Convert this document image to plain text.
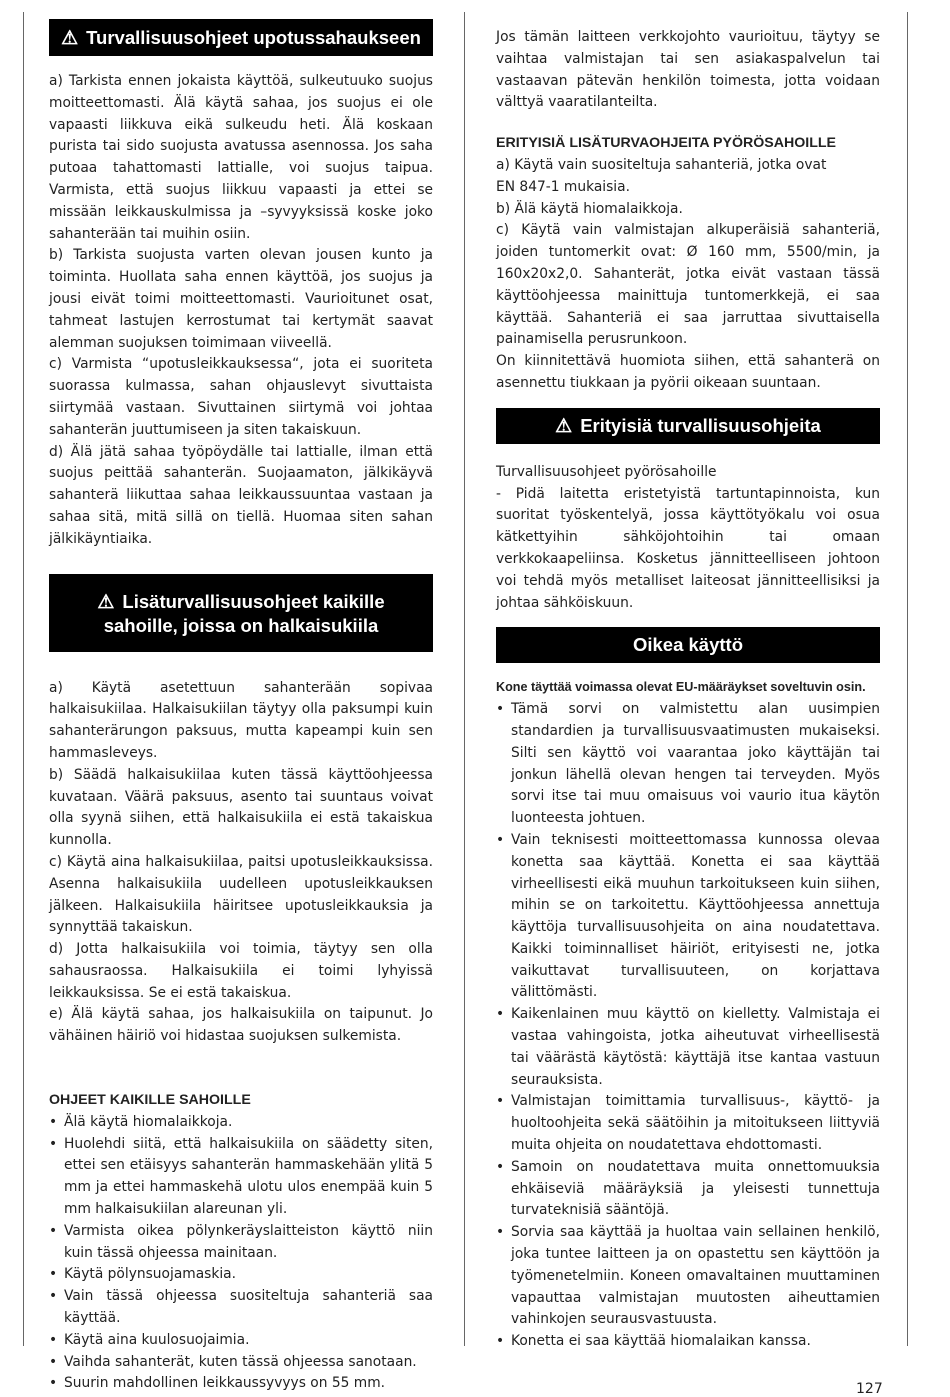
⚠ Turvallisuusohjeet upotussahaukseen

a) Tarkista ennen jokaista käyttöä, sulkeutuuko suojus moitteettomasti. Älä käytä sahaa, jos suojus ei ole vapaasti liikkuva eikä sulkeudu heti. Älä koskaan purista tai sido suojusta avatussa asennossa. Jos saha putoaa tahattomasti lattialle, voi suojus taipua. Varmista, että suojus liikkuu vapaasti ja ettei se missään leikkauskulmissa ja –syvyyksissä koske joko sahanterään tai muihin osiin.

b) Tarkista suojusta varten olevan jousen kunto ja toiminta. Huollata saha ennen käyttöä, jos suojus ja jousi eivät toimi moitteettomasti. Vaurioitunet osat, tahmeat lastujen kerrostumat tai kertymät saavat alemman suojuksen toimimaan viiveellä.

c) Varmista “upotusleikkauksessa“, jota ei suoriteta suorassa kulmassa, sahan ohjauslevyt sivuttaista siirtymää vastaan. Sivuttainen siirtymä voi johtaa sahanterän juuttumiseen ja siten takaiskuun.

d) Älä jätä sahaa työpöydälle tai lattialle, ilman että suojus peittää sahanterän. Suojaamaton, jälkikäyvä sahanterä liikuttaa sahaa leikkaussuuntaa vastaan ja sahaa sitä, mitä sillä on tiellä. Huomaa siten sahan jälkikäyntiaika.

⚠ Lisäturvallisuusohjeet kaikille
sahoille, joissa on halkaisukiila

a) Käytä asetettuun sahanterään sopivaa halkaisukiilaa. Halkaisukiilan täytyy olla paksumpi kuin sahanterärungon paksuus, mutta kapeampi kuin sen hammasleveys.

b) Säädä halkaisukiilaa kuten tässä käyttöohjeessa kuvataan. Väärä paksuus, asento tai suuntaus voivat olla syynä siihen, että halkaisukiila ei estä takaiskua kunnolla.

c) Käytä aina halkaisukiilaa, paitsi upotusleikkauksissa. Asenna halkaisukiila uudelleen upotusleikkauksen jälkeen. Halkaisukiila häiritsee upotusleikkauksia ja synnyttää takaiskun.

d) Jotta halkaisukiila voi toimia, täytyy sen olla sahausraossa. Halkaisukiila ei toimi lyhyissä leikkauksissa. Se ei estä takaiskua.

e) Älä käytä sahaa, jos halkaisukiila on taipunut. Jo vähäinen häiriö voi hidastaa suojuksen sulkemista.

OHJEET KAIKILLE SAHOILLE
• Älä käytä hiomalaikkoja.
• Huolehdi siitä, että halkaisukiila on säädetty siten, ettei sen etäisyys sahanterän hammaskehään ylitä 5 mm ja ettei hammaskehä ulotu ulos enempää kuin 5 mm halkaisukiilan alareunan yli.
• Varmista oikea pölynkeräyslaitteiston käyttö niin kuin tässä ohjeessa mainitaan.
• Käytä pölynsuojamaskia.
• Vain tässä ohjeessa suositeltuja sahanteriä saa käyttää.
• Käytä aina kuulosuojaimia.
• Vaihda sahanterät, kuten tässä ohjeessa sanotaan.
• Suurin mahdollinen leikkaussyvyys on 55 mm.

Jos tämän laitteen verkkojohto vaurioituu, täytyy se vaihtaa valmistajan tai sen asiakaspalvelun tai vastaavan pätevän henkilön toimesta, jotta voidaan välttyä vaaratilanteilta.

ERITYISIÄ LISÄTURVAOHJEITA PYÖRÖSAHOILLE

a) Käytä vain suositeltuja sahanteriä, jotka ovat

EN 847-1 mukaisia.

b) Älä käytä hiomalaikkoja.

c) Käytä vain valmistajan alkuperäisiä sahanteriä, joiden tuntomerkit ovat: Ø 160 mm, 5500/min, ja 160x20x2,0. Sahanterät, jotka eivät vastaan tässä käyttöohjeessa mainittuja tuntomerkkejä, ei saa käyttää. Sahanteriä ei saa jarruttaa sivuttaisella painamisella perusrunkoon.

On kiinnitettävä huomiota siihen, että sahanterä on asennettu tiukkaan ja pyörii oikeaan suuntaan.

⚠ Erityisiä turvallisuusohjeita

Turvallisuusohjeet pyörösahoille

- Pidä laitetta eristetyistä tartuntapinnoista, kun suoritat työskentelyä, jossa käyttötyökalu voi osua kätkettyihin sähköjohtoihin tai omaan verkkokaapeliinsa. Kosketus jännitteelliseen johtoon voi tehdä myös metalliset laiteosat jännitteellisiksi ja johtaa sähköiskuun.

Oikea käyttö

Kone täyttää voimassa olevat EU-määräykset soveltuvin osin.

• Tämä sorvi on valmistettu alan uusimpien standardien ja turvallisuusvaatimusten mukaiseksi. Silti sen käyttö voi vaarantaa joko käyttäjän tai jonkun lähellä olevan hengen tai terveyden. Myös sorvi itse tai muu omaisuus voi vaurio itua käytön luonteesta johtuen.
• Vain teknisesti moitteettomassa kunnossa olevaa konetta saa käyttää. Konetta ei saa käyttää virheellisesti eikä muuhun tarkoitukseen kuin siihen, mihin se on tarkoitettu. Käyttöohjeessa annettuja käyttöja turvallisuusohjeita on aina noudatettava. Kaikki toiminnalliset häiriöt, erityisesti ne, jotka vaikuttavat turvallisuuteen, on korjattava välittömästi.
• Kaikenlainen muu käyttö on kielletty. Valmistaja ei vastaa vahingoista, jotka aiheutuvat virheellisestä tai väärästä käytöstä: käyttäjä itse kantaa vastuun seurauksista.
• Valmistajan toimittamia turvallisuus-, käyttö- ja huoltoohjeita sekä säätöihin ja mitoitukseen liittyviä muita ohjeita on noudatettava ehdottomasti.
• Samoin on noudatettava muita onnettomuuksia ehkäiseviä määräyksiä ja yleisesti tunnettuja turvateknisiä sääntöjä.
• Sorvia saa käyttää ja huoltaa vain sellainen henkilö, joka tuntee laitteen ja on opastettu sen käyttöön ja työmenetelmiin. Koneen omavaltainen muuttaminen vapauttaa valmistajan muutosten aiheuttamien vahinkojen seurausvastuusta.
• Konetta ei saa käyttää hiomalaikan kanssa.
127
